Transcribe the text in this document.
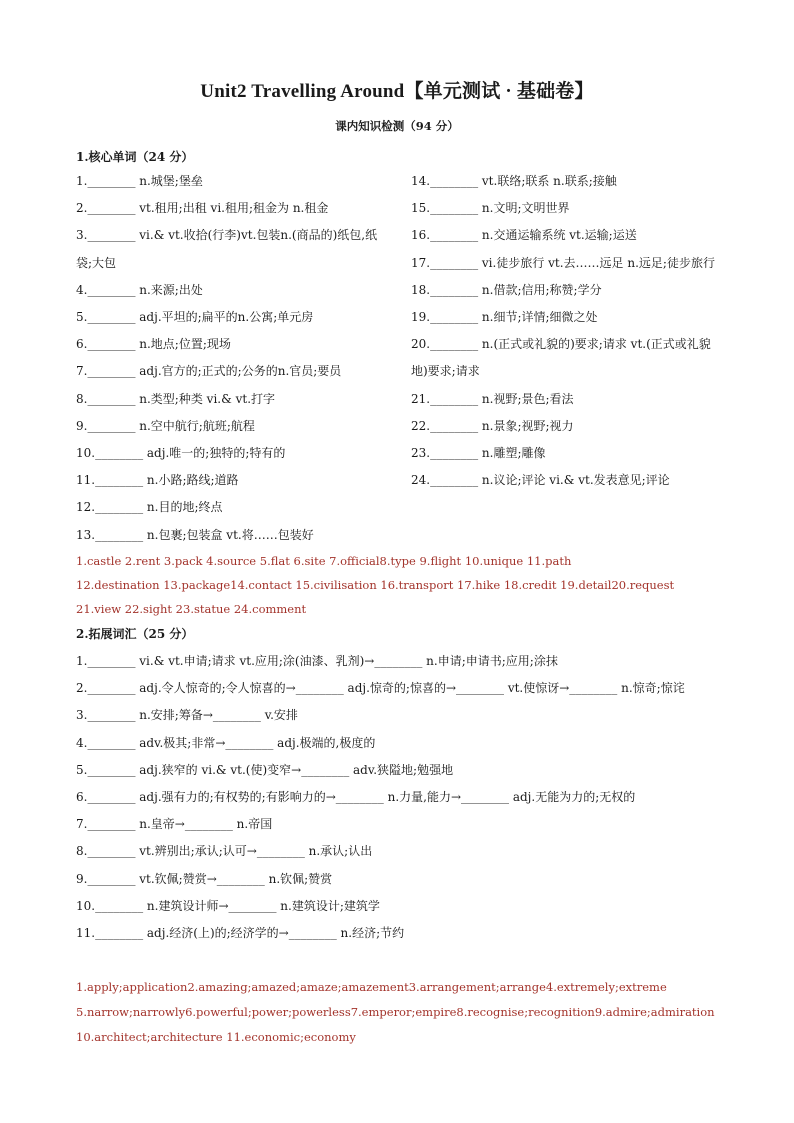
Unit2 Travelling Around【单元测试 · 基础卷】
课内知识检测（94 分）
1.核心单词（24 分）
1.________ n.城堡;堡垒
2.________ vt.租用;出租 vi.租用;租金为 n.租金
3.________ vi.& vt.收拾(行李)vt.包装n.(商品的)纸包,纸袋;大包
4.________ n.来源;出处
5.________ adj.平坦的;扁平的n.公寓;单元房
6.________ n.地点;位置;现场
7.________ adj.官方的;正式的;公务的n.官员;要员
8.________ n.类型;种类 vi.& vt.打字
9.________ n.空中航行;航班;航程
10.________ adj.唯一的;独特的;特有的
11.________ n.小路;路线;道路
12.________ n.目的地;终点
13.________ n.包裹;包装盒 vt.将……包装好
14.________ vt.联络;联系 n.联系;接触
15.________ n.文明;文明世界
16.________ n.交通运输系统 vt.运输;运送
17.________ vi.徒步旅行 vt.去……远足 n.远足;徒步旅行
18.________ n.借款;信用;称赞;学分
19.________ n.细节;详情;细微之处
20.________ n.(正式或礼貌的)要求;请求 vt.(正式或礼貌地)要求;请求
21.________ n.视野;景色;看法
22.________ n.景象;视野;视力
23.________ n.雕塑;雕像
24.________ n.议论;评论 vi.& vt.发表意见;评论
1.castle 2.rent 3.pack 4.source 5.flat 6.site 7.official8.type 9.flight 10.unique 11.path
12.destination 13.package14.contact 15.civilisation 16.transport 17.hike 18.credit 19.detail20.request
21.view 22.sight 23.statue 24.comment
2.拓展词汇（25 分）
1.________ vi.& vt.申请;请求 vt.应用;涂(油漆、乳剂)→________ n.申请;申请书;应用;涂抹
2.________ adj.令人惊奇的;令人惊喜的→________ adj.惊奇的;惊喜的→________ vt.使惊讶→________ n.惊奇;惊诧
3.________ n.安排;筹备→________ v.安排
4.________ adv.极其;非常→________ adj.极端的,极度的
5.________ adj.狭窄的 vi.& vt.(使)变窄→________ adv.狭隘地;勉强地
6.________ adj.强有力的;有权势的;有影响力的→________ n.力量,能力→________ adj.无能为力的;无权的
7.________ n.皇帝→________ n.帝国
8.________ vt.辨别出;承认;认可→________ n.承认;认出
9.________ vt.钦佩;赞赏→________ n.钦佩;赞赏
10.________ n.建筑设计师→________ n.建筑设计;建筑学
11.________ adj.经济(上)的;经济学的→________ n.经济;节约
1.apply;application2.amazing;amazed;amaze;amazement3.arrangement;arrange4.extremely;extreme
5.narrow;narrowly6.powerful;power;powerless7.emperor;empire8.recognise;recognition9.admire;admiration
10.architect;architecture 11.economic;economy
